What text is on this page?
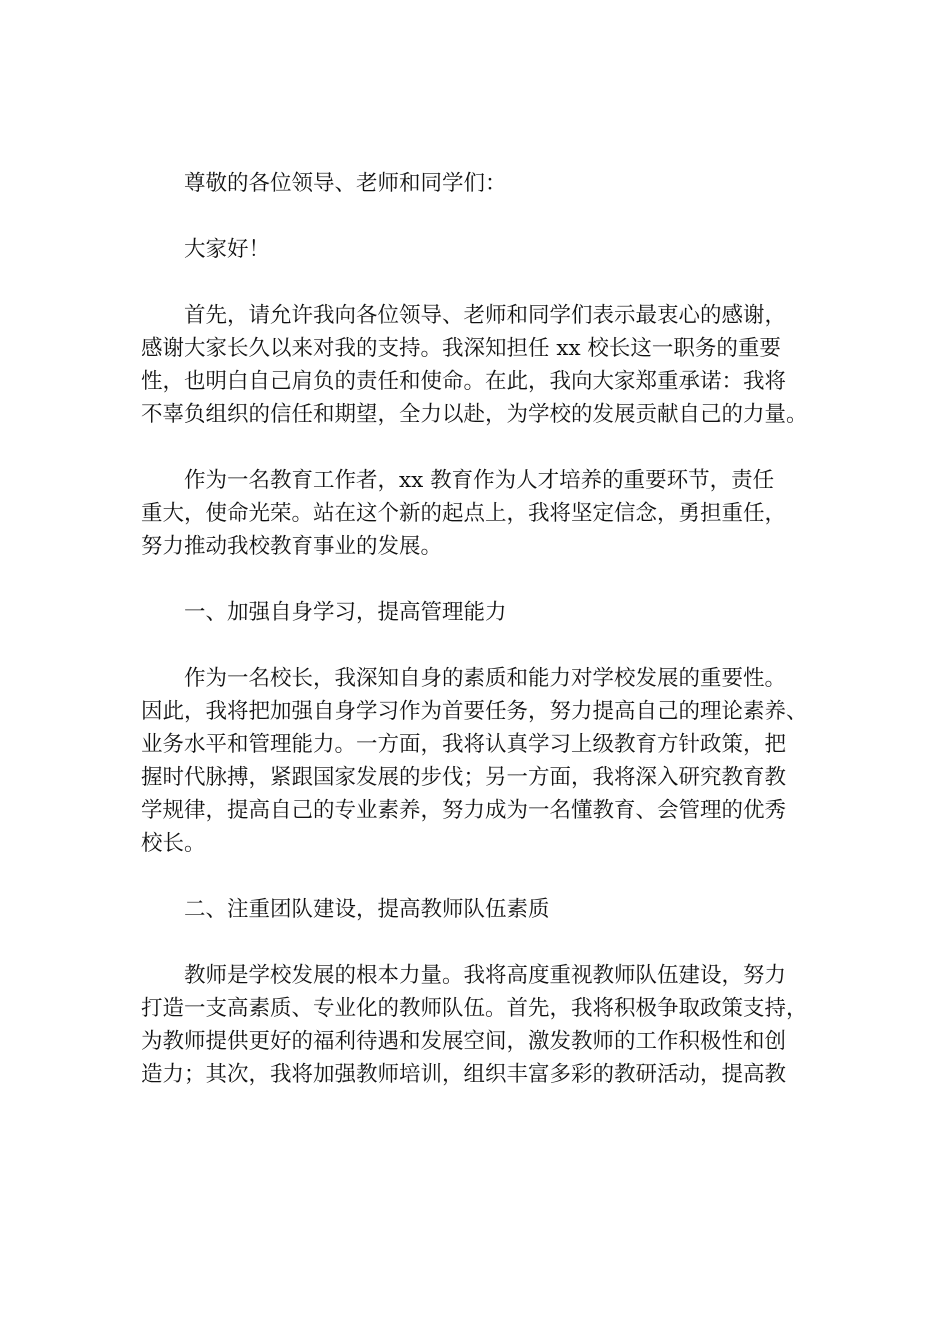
尊敬的各位领导、老师和同学们：

大家好！

首先，请允许我向各位领导、老师和同学们表示最衷心的感谢，
感谢大家长久以来对我的支持。我深知担任 xx 校长这一职务的重要
性，也明白自己肩负的责任和使命。在此，我向大家郑重承诺：我将
不辜负组织的信任和期望，全力以赴，为学校的发展贡献自己的力量。

作为一名教育工作者，xx 教育作为人才培养的重要环节，责任
重大，使命光荣。站在这个新的起点上，我将坚定信念，勇担重任，
努力推动我校教育事业的发展。

一、加强自身学习，提高管理能力

作为一名校长，我深知自身的素质和能力对学校发展的重要性。
因此，我将把加强自身学习作为首要任务，努力提高自己的理论素养、
业务水平和管理能力。一方面，我将认真学习上级教育方针政策，把
握时代脉搏，紧跟国家发展的步伐；另一方面，我将深入研究教育教
学规律，提高自己的专业素养，努力成为一名懂教育、会管理的优秀
校长。

二、注重团队建设，提高教师队伍素质

教师是学校发展的根本力量。我将高度重视教师队伍建设，努力
打造一支高素质、专业化的教师队伍。首先，我将积极争取政策支持，
为教师提供更好的福利待遇和发展空间，激发教师的工作积极性和创
造力；其次，我将加强教师培训，组织丰富多彩的教研活动，提高教
